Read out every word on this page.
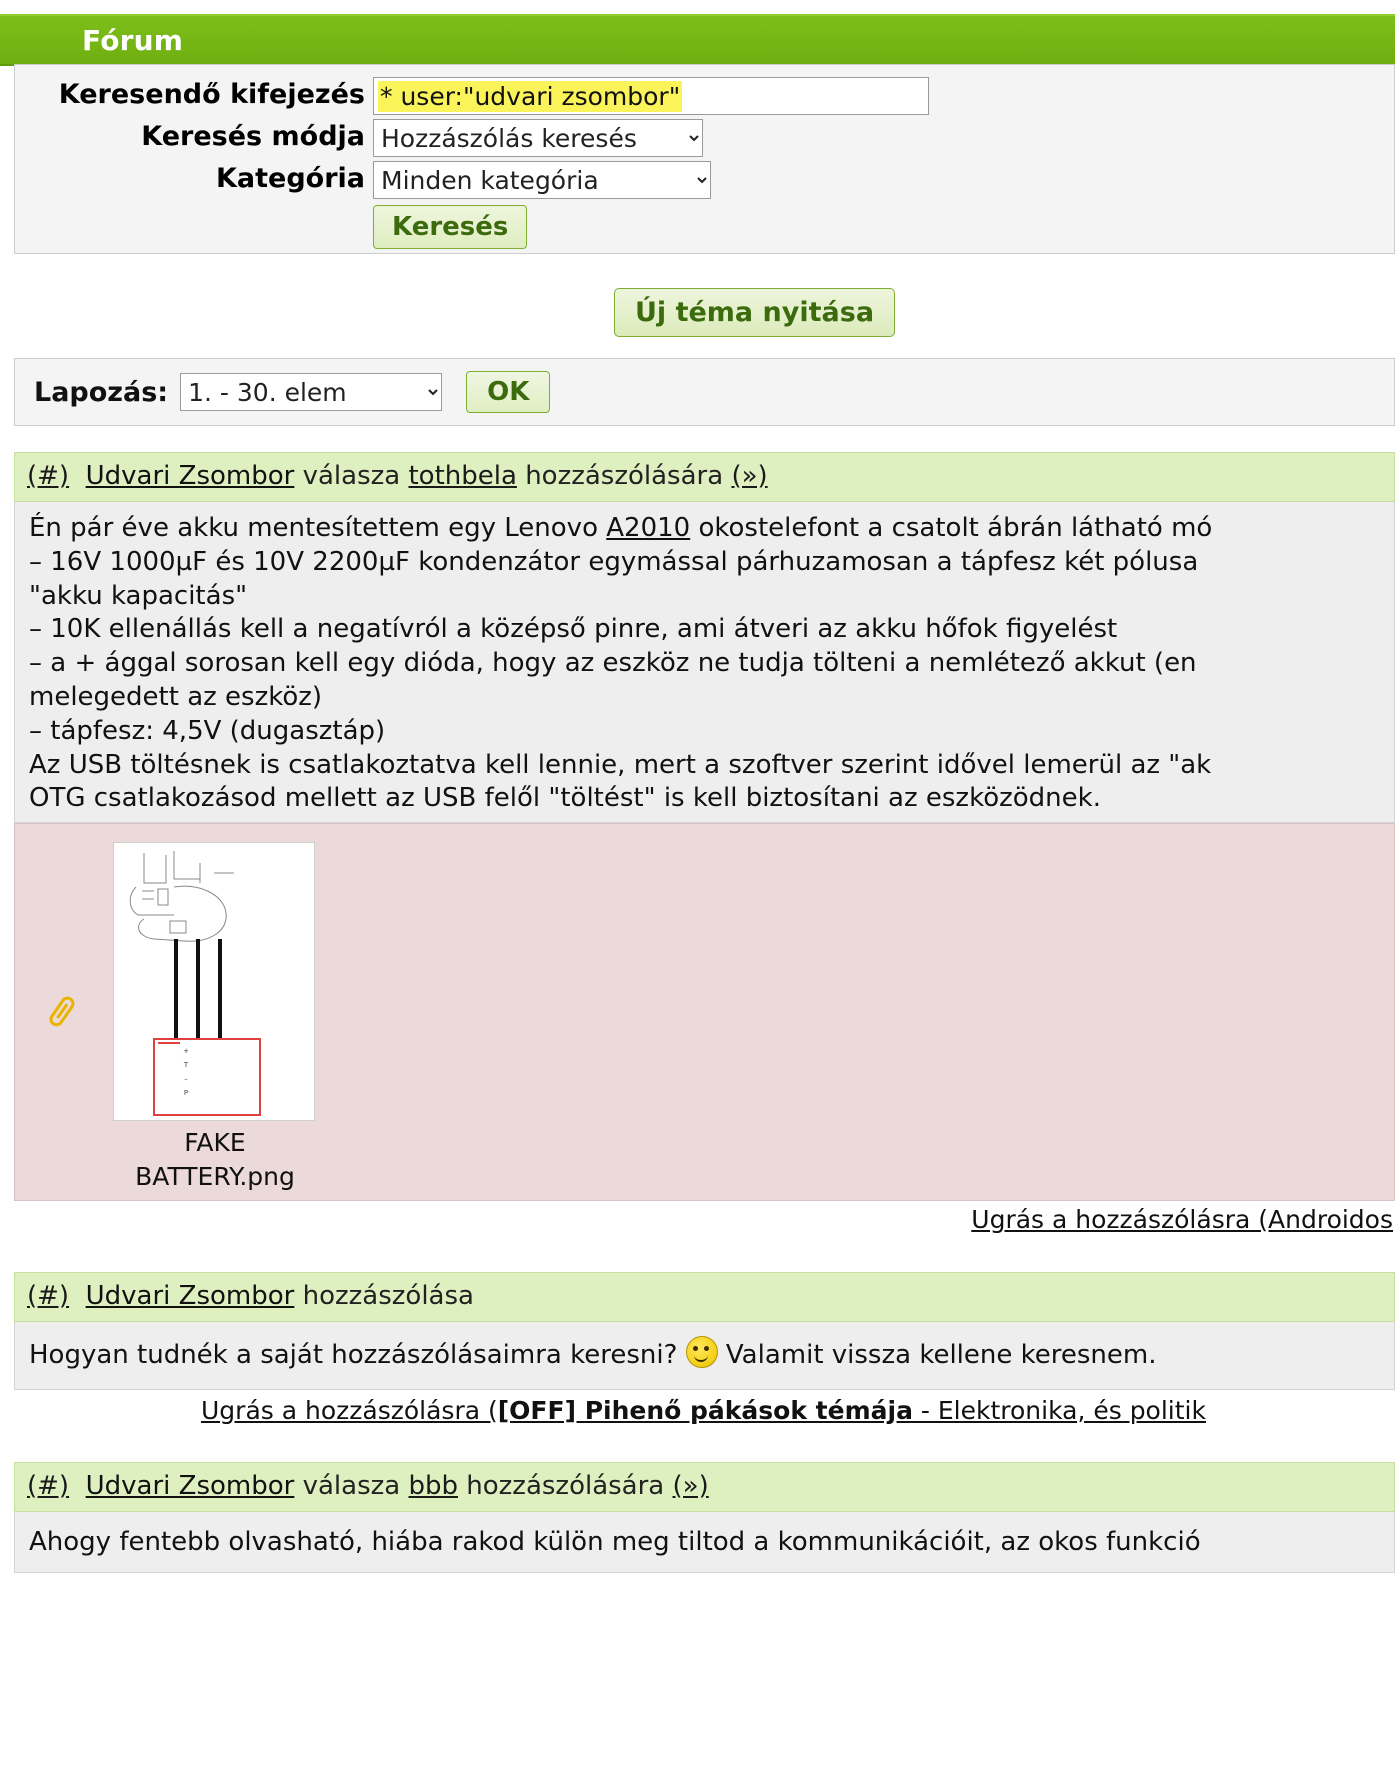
Fórum
Keresendő kifejezés * user:"udvari zsombor"
Keresés módja
Hozzászólás keresés
Kategória
Minden kategória
Keresés
Új téma nyitása
Lapozás:
1. - 30. elem	OK
(#) Udvari Zsombor válasza tothbela hozzászólására (»)
Én pár éve akku mentesítettem egy Lenovo A2010 okostelefont a csatolt ábrán látható mó
– 16V 1000µF és 10V 2200µF kondenzátor egymással párhuzamosan a tápfesz két pólusa
"akku kapacitás"
– 10K ellenállás kell a negatívról a középső pinre, ami átveri az akku hőfok figyelést
– a + ággal sorosan kell egy dióda, hogy az eszköz ne tudja tölteni a nemlétező akkut (en
melegedett az eszköz)
– tápfesz: 4,5V (dugasztáp)
Az USB töltésnek is csatlakoztatva kell lennie, mert a szoftver szerint idővel lemerül az "ak
OTG csatlakozásod mellett az USB felől "töltést" is kell biztosítani az eszközödnek.
+
T
–
P
FAKE
BATTERY.png
Ugrás a hozzászólásra (Androidos
(#) Udvari Zsombor hozzászólása
Hogyan tudnék a saját hozzászólásaimra keresni?  Valamit vissza kellene keresnem.
Ugrás a hozzászólásra ([OFF] Pihenő pákások témája - Elektronika, és politik
(#) Udvari Zsombor válasza bbb hozzászólására (»)
Ahogy fentebb olvasható, hiába rakod külön meg tiltod a kommunikációit, az okos funkció
